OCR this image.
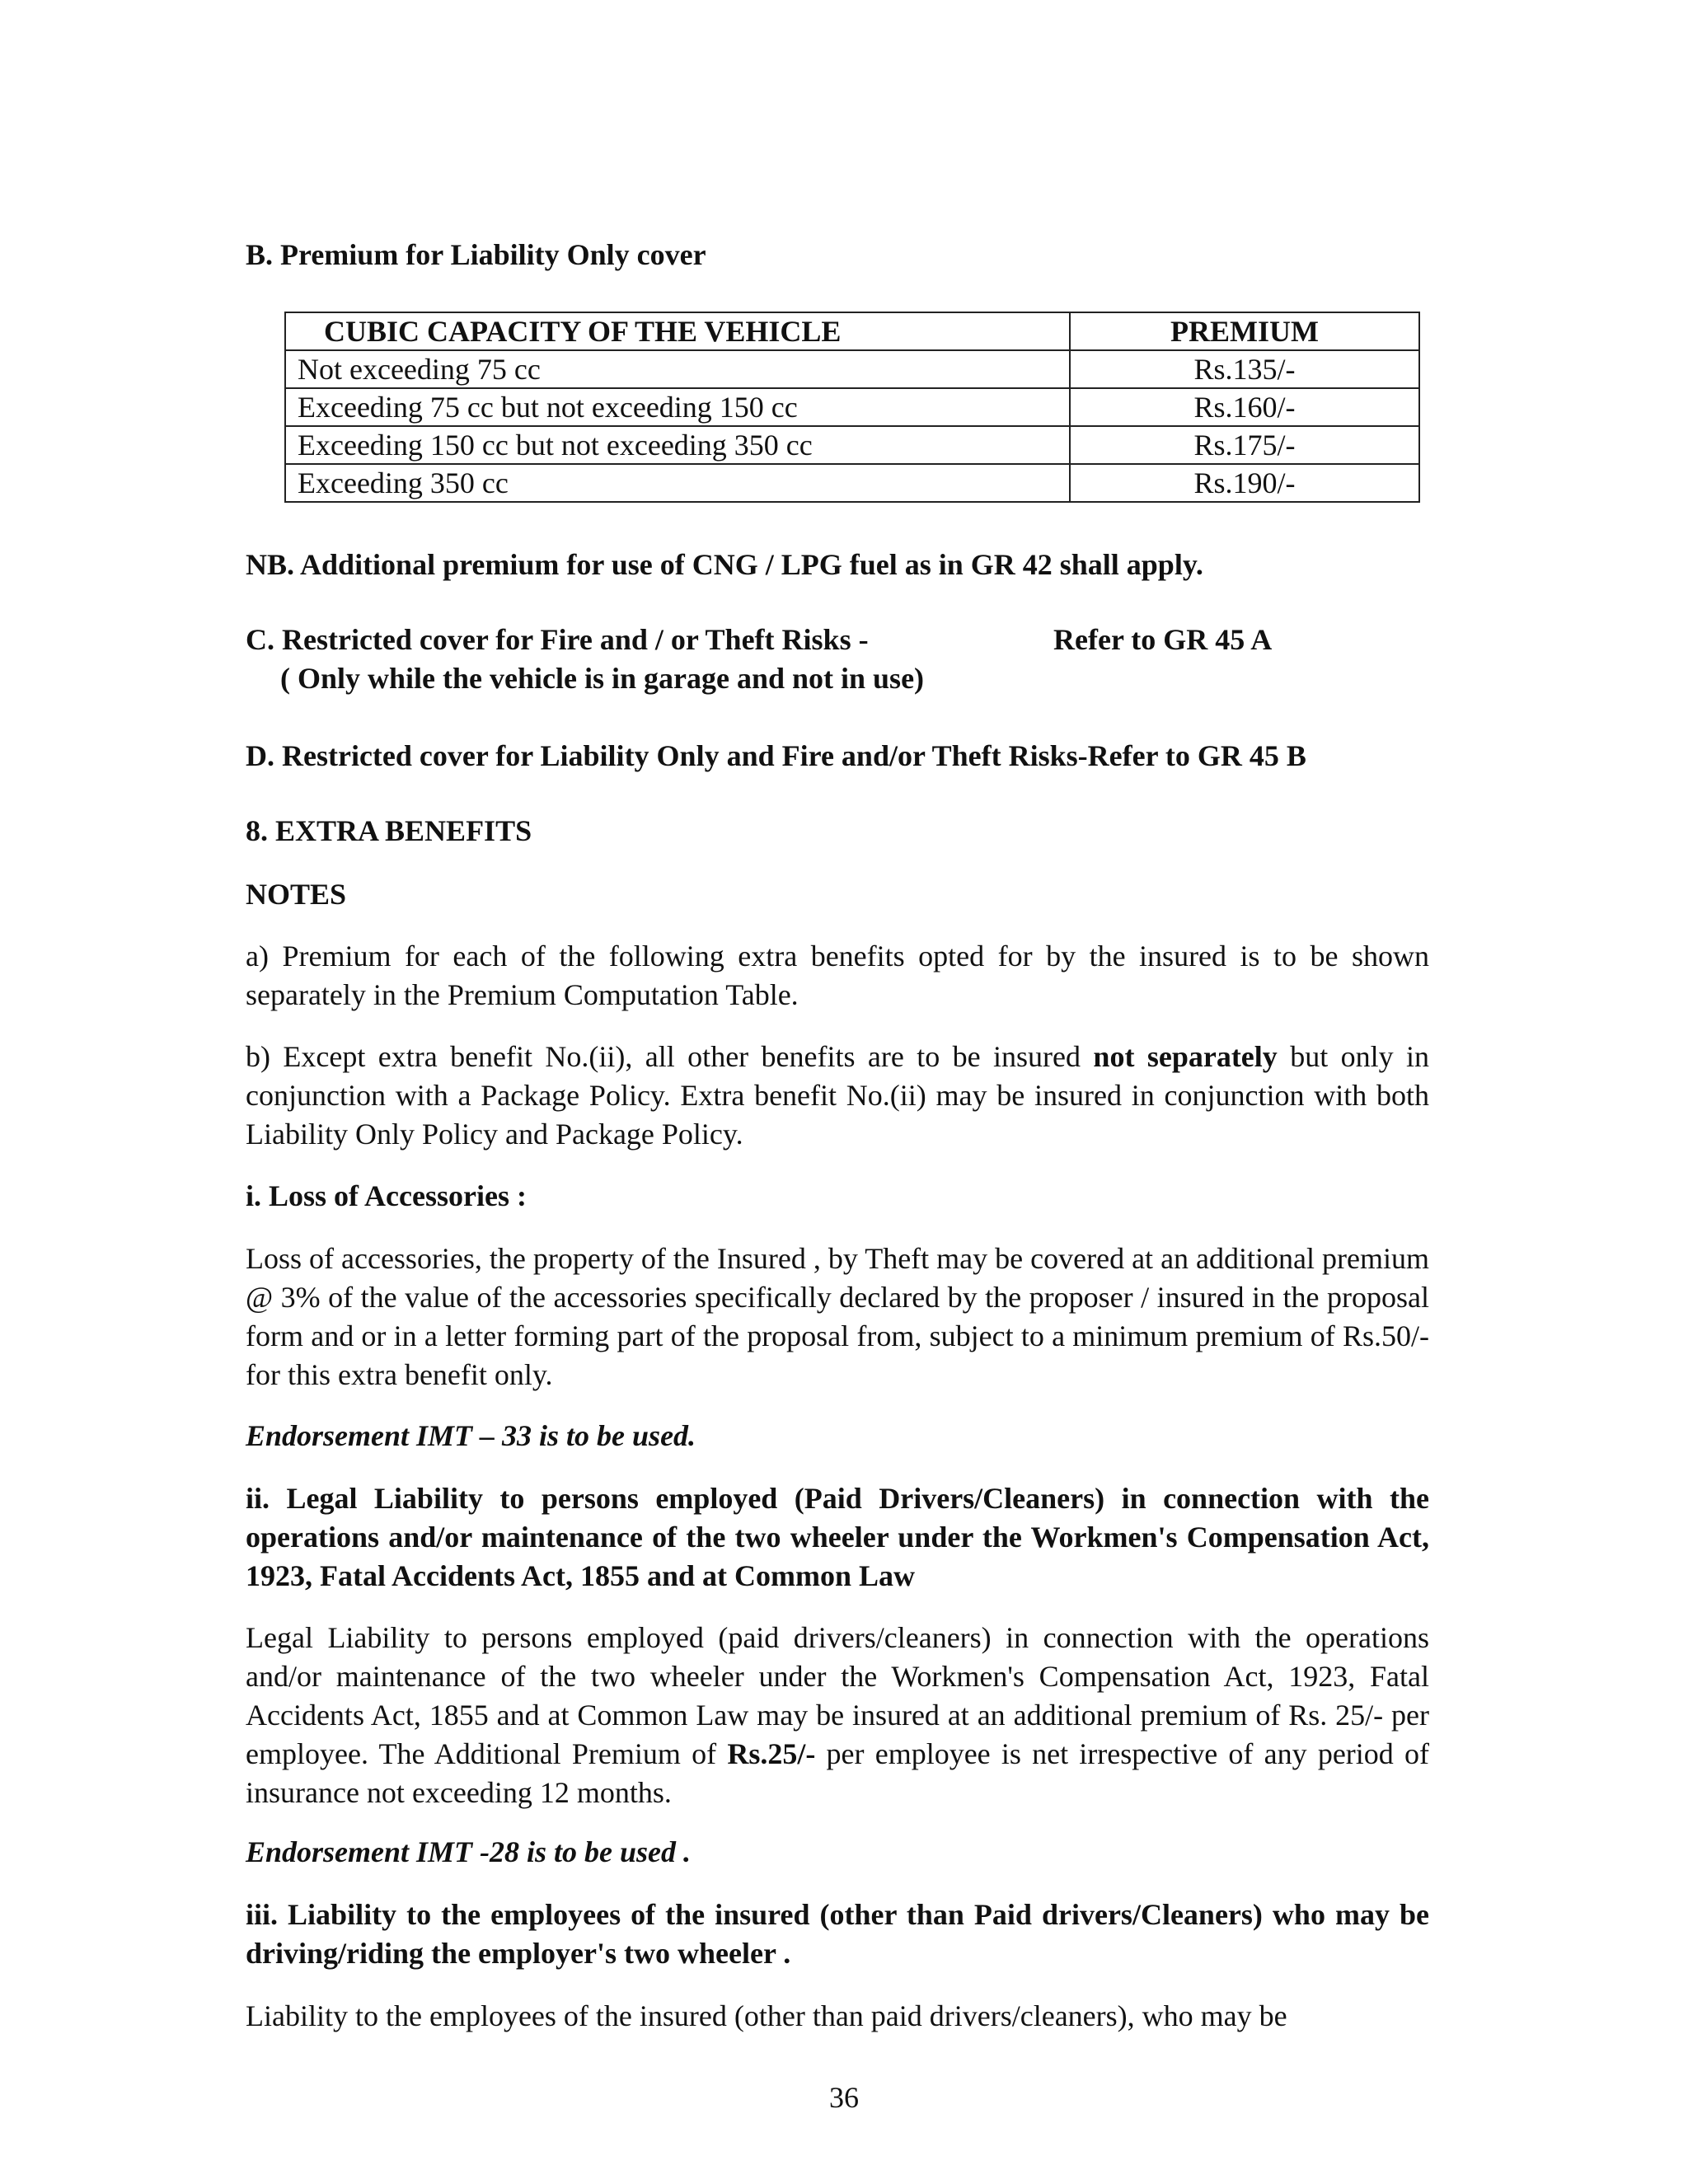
B. Premium for Liability Only cover
CUBIC CAPACITY OF THE VEHICLE	PREMIUM
Not exceeding 75 cc	Rs.135/-
Exceeding 75 cc but not exceeding 150 cc	Rs.160/-
Exceeding 150 cc but not exceeding 350 cc	Rs.175/-
Exceeding 350 cc	Rs.190/-
NB. Additional premium for use of CNG / LPG fuel as in GR 42 shall apply.
C. Restricted cover for Fire and / or Theft Risks -	Refer to GR 45 A
( Only while the vehicle is in garage and not in use)
D. Restricted cover for Liability Only and Fire and/or Theft Risks-Refer to GR 45 B
8. EXTRA BENEFITS
NOTES
a) Premium for each of the following extra benefits opted for by the insured is to be shown separately in the Premium Computation Table.
b) Except extra benefit No.(ii), all other benefits are to be insured not separately but only in conjunction with a Package Policy. Extra benefit No.(ii) may be insured in conjunction with both Liability Only Policy and Package Policy.
i. Loss of Accessories :
Loss of accessories, the property of the Insured , by Theft may be covered at an additional premium @ 3% of the value of the accessories specifically declared by the proposer / insured in the proposal form and or in a letter forming part of the proposal from, subject to a minimum premium of Rs.50/- for this extra benefit only.
Endorsement IMT – 33 is to be used.
ii. Legal Liability to persons employed (Paid Drivers/Cleaners) in connection with the operations and/or maintenance of the two wheeler under the Workmen's Compensation Act, 1923, Fatal Accidents Act, 1855 and at Common Law
Legal Liability to persons employed (paid drivers/cleaners) in connection with the operations and/or maintenance of the two wheeler under the Workmen's Compensation Act, 1923, Fatal Accidents Act, 1855 and at Common Law may be insured at an additional premium of Rs. 25/- per employee. The Additional Premium of Rs.25/- per employee is net irrespective of any period of insurance not exceeding 12 months.
Endorsement IMT -28 is to be used .
iii. Liability to the employees of the insured (other than Paid drivers/Cleaners) who may be driving/riding the employer's two wheeler .
Liability to the employees of the insured (other than paid drivers/cleaners), who may be
36
